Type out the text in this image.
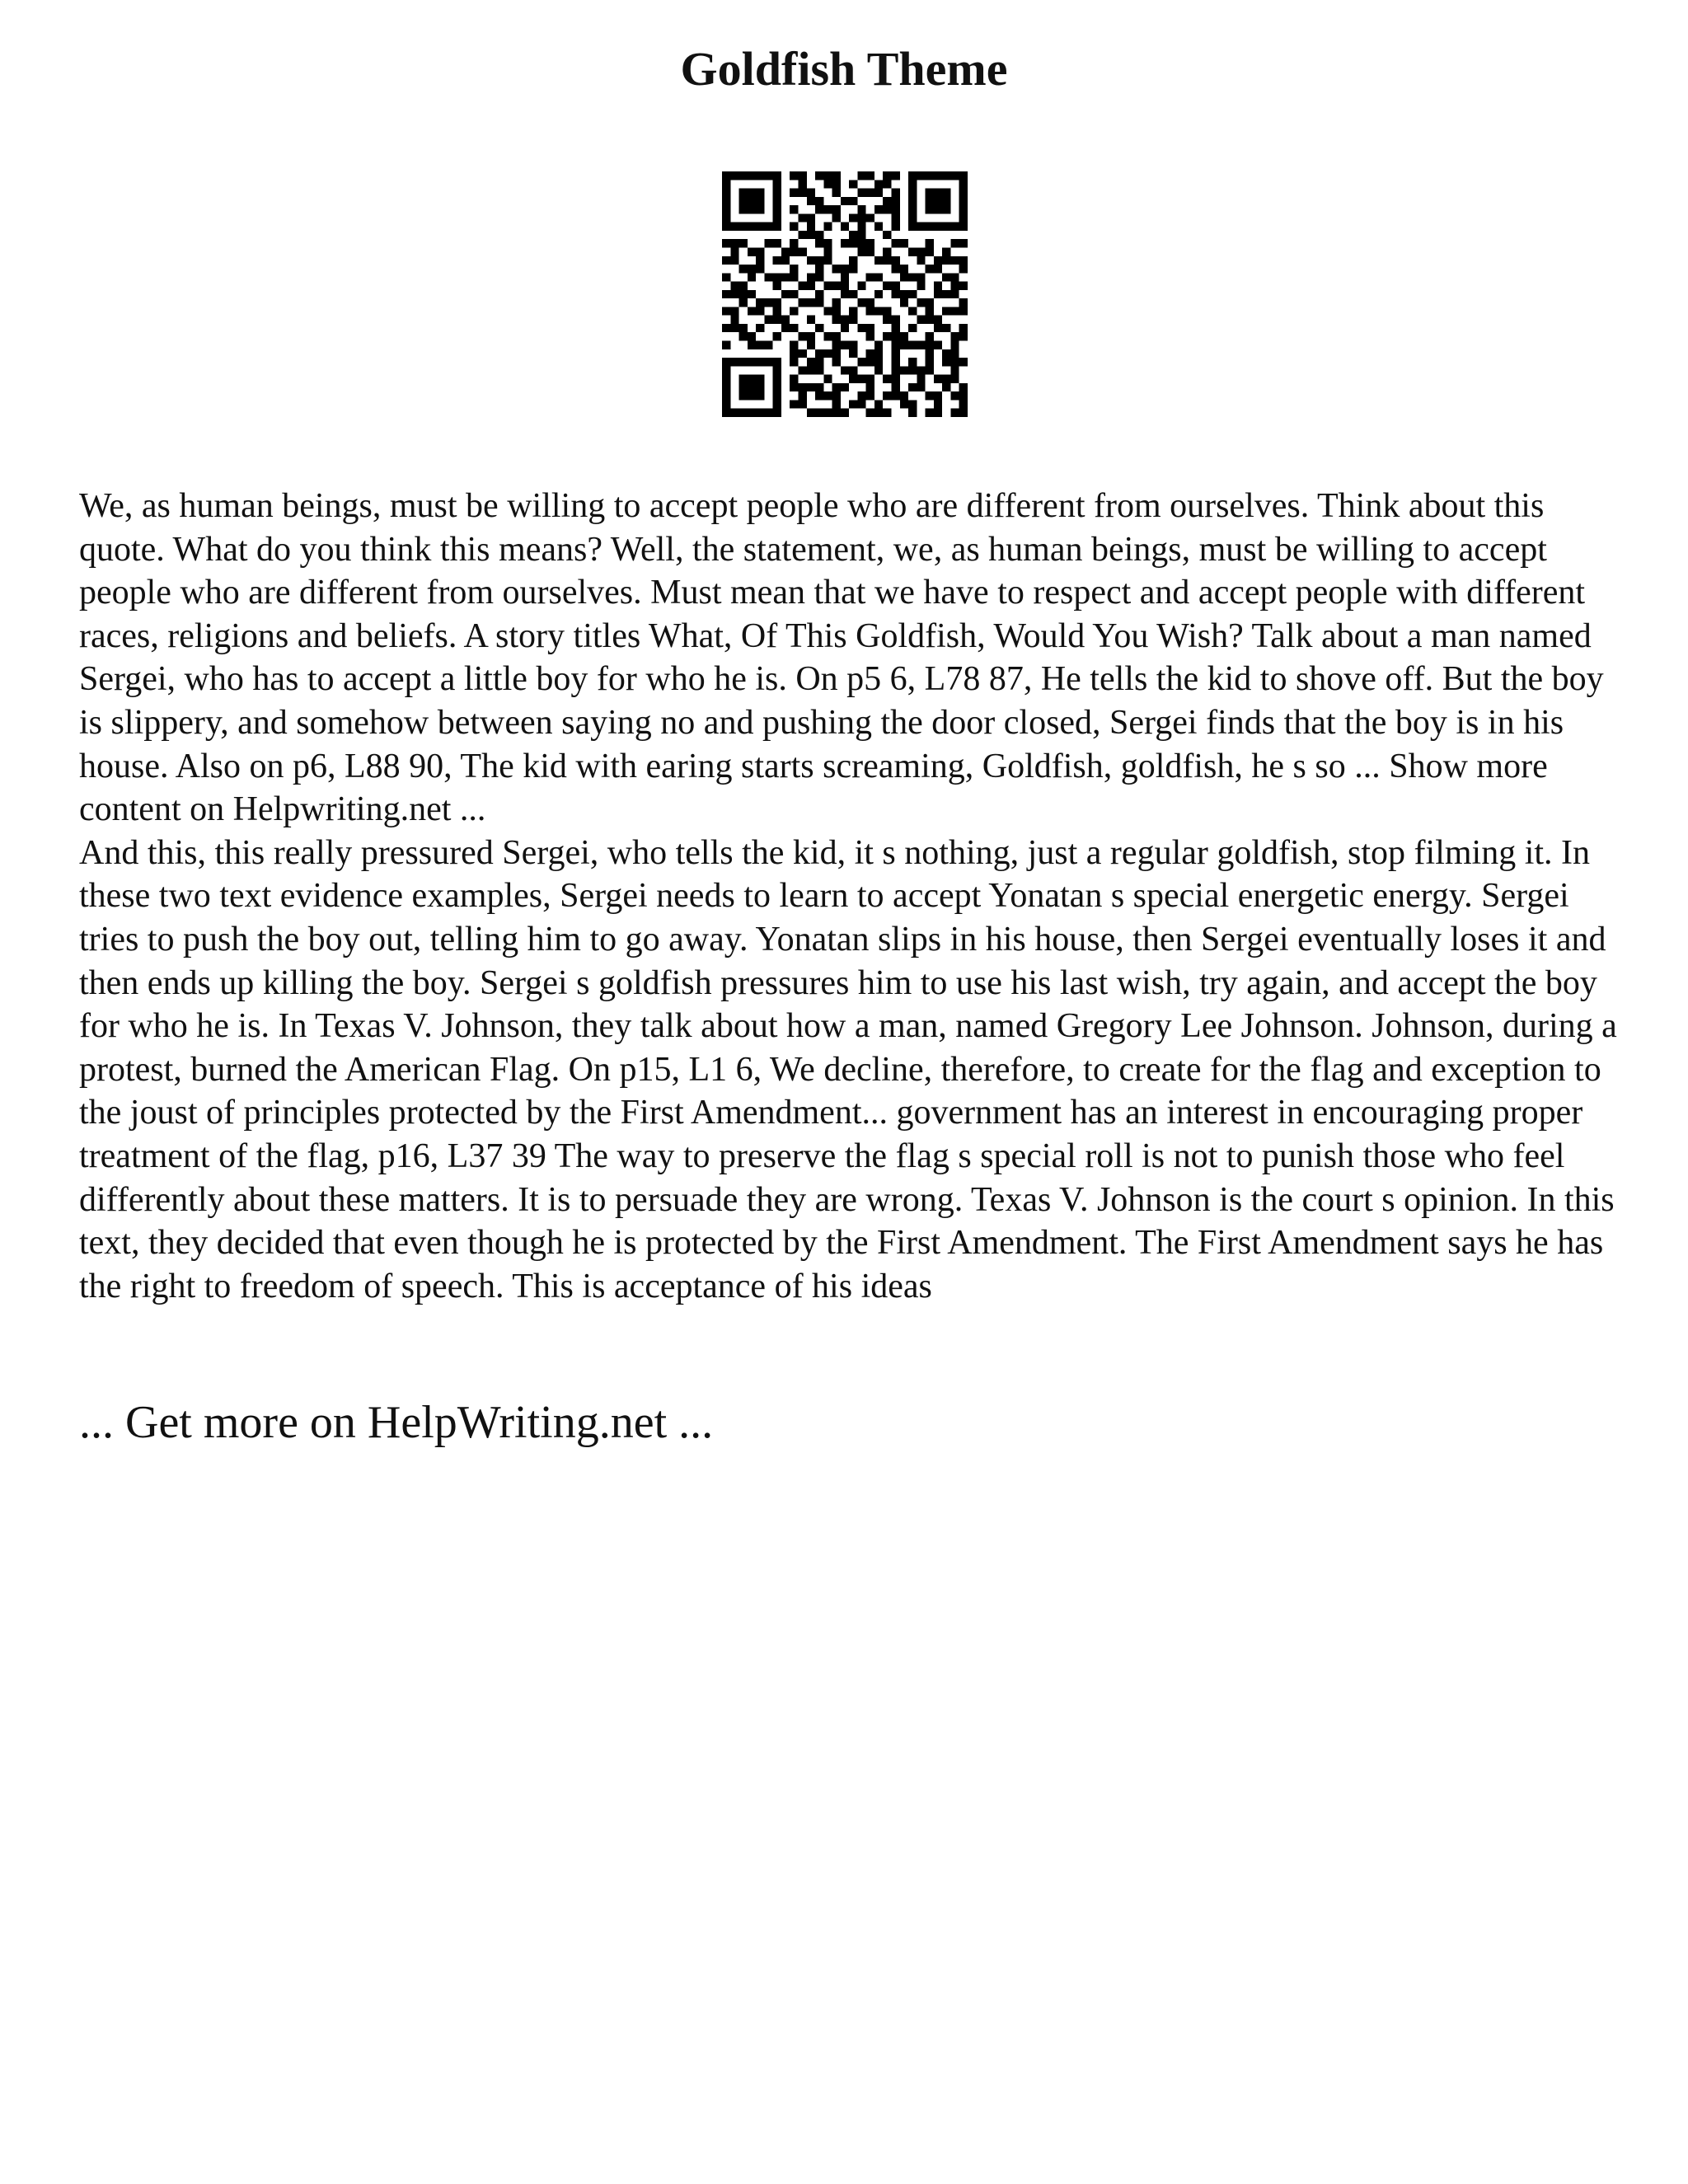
Goldfish Theme

We, as human beings, must be willing to accept people who are different from ourselves. Think about this quote. What do you think this means? Well, the statement, we, as human beings, must be willing to accept people who are different from ourselves. Must mean that we have to respect and accept people with different races, religions and beliefs. A story titles What, Of This Goldfish, Would You Wish? Talk about a man named Sergei, who has to accept a little boy for who he is. On p5 6, L78 87, He tells the kid to shove off. But the boy is slippery, and somehow between saying no and pushing the door closed, Sergei finds that the boy is in his house. Also on p6, L88 90, The kid with earing starts screaming, Goldfish, goldfish, he s so ... Show more content on Helpwriting.net ...

And this, this really pressured Sergei, who tells the kid, it s nothing, just a regular goldfish, stop filming it. In these two text evidence examples, Sergei needs to learn to accept Yonatan s special energetic energy. Sergei tries to push the boy out, telling him to go away. Yonatan slips in his house, then Sergei eventually loses it and then ends up killing the boy. Sergei s goldfish pressures him to use his last wish, try again, and accept the boy for who he is. In Texas V. Johnson, they talk about how a man, named Gregory Lee Johnson. Johnson, during a protest, burned the American Flag. On p15, L1 6, We decline, therefore, to create for the flag and exception to the joust of principles protected by the First Amendment... government has an interest in encouraging proper treatment of the flag, p16, L37 39 The way to preserve the flag s special roll is not to punish those who feel differently about these matters. It is to persuade they are wrong. Texas V. Johnson is the court s opinion. In this text, they decided that even though he is protected by the First Amendment. The First Amendment says he has the right to freedom of speech. This is acceptance of his ideas

... Get more on HelpWriting.net ...
